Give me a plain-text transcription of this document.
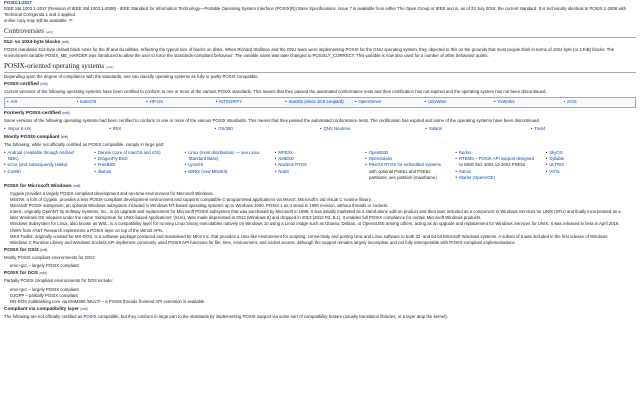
POSIX.1-2017
IEEE Std 1003.1-2017 (Revision of IEEE Std 1003.1-2008) - IEEE Standard for Information Technology—Portable Operating System Interface (POSIX(R)) Base Specifications, Issue 7 is available from either The Open Group or IEEE and is, as of 22 July 2018, the current standard. It is technically identical to POSIX.1-2008 with Technical Corrigenda 1 and 2 applied.
online copy may still be available. [8]

Controversies [edit]
512- vs 1024-byte blocks [edit]

POSIX mandates 512-byte default block sizes for the df and du utilities, reflecting the typical size of blocks on disks. When Richard Stallman and the GNU team were implementing POSIX for the GNU operating system, they objected to this on the grounds that most people think in terms of 1024 byte (or 1 KiB) blocks. The environment variable POSIX_ME_HARDER was introduced to allow the user to force the standards-compliant behaviour. The variable name was later changed to POSIXLY_CORRECT. This variable is now also used for a number of other behaviour quirks.

POSIX-oriented operating systems [edit]

Depending upon the degree of compliance with the standards, one can classify operating systems as fully or partly POSIX compatible.

POSIX-certified [edit]

Current versions of the following operating systems have been certified to conform to one or more of the various POSIX standards. This means that they passed the automated conformance tests and their certification has not expired and the operating system has not been discontinued.

• AIX	• EulerOS	• HP-UX	• INTEGRITY	• macOS (since 10.5 Leopard)	• OpenServer	• UnixWare	• VxWorks	• z/OS
Formerly POSIX-certified [edit]

Some versions of the following operating systems had been certified to conform to one or more of the various POSIX standards. This means that they passed the automated conformance tests. The certification has expired and some of the operating systems have been discontinued.

• Inspur K-UX	• IRIX	• OS/390	• QNX Neutrino	• Solaris	• Tru64
Mostly POSIX-compliant [edit]

The following, while not officially certified as POSIX compatible, comply in large part:

• Android (Available through Android
NDK)
• eCos (and subsequently Haiku)
• Contiki
• Darwin (core of macOS and iOS)
• DragonFly BSD
• FreeBSD
• illumos
• Linux (most distributions — see Linux
Standard Base)
• LynxOS
• MINIX (now MINIX3)
• MPE/iX
• NetBSD
• Nucleus RTOS
• NuttX
• OpenBSD
• OpenSolaris
• PikeOS RTOS for embedded systems
with optional PSE51 and PSE52
partitions; see partition (mainframe)
• Redox
• RTEMS – POSIX API support designed
to IEEE Std. 1003.13-2003 PSE52
• Sanos
• Starlet (OpenVOS)
• SkyOS
• Syllable
• ULTRIX
• VSTa
POSIX for Microsoft Windows [edit]
• Cygwin provides a largely POSIX-compliant development and run-time environment for Microsoft Windows.
• MinGW, a fork of Cygwin, provides a less POSIX-compliant development environment and supports compatible C-programmed applications via Msvcrt, Microsoft's old Visual C runtime library.
• Microsoft POSIX subsystem, an optional Windows subsystem included in Windows NT-based operating systems up to Windows 2000. POSIX.1 as it stood in 1990 revision, without threads or sockets.
• Interix, originally OpenNT by Softway Systems, Inc., is an upgrade and replacement for Microsoft POSIX subsystem that was purchased by Microsoft in 1999. It was initially marketed as a stand-alone add-on product and then later included as a component in Windows Services for UNIX (SFU) and finally incorporated as a
later Windows OS releases under the name 'Subsystem for UNIX-based Applications' (SUA). Was made deprecated in 2012 (Windows 8) and dropped in 2013 (2012 R2, 8.1). It enables full POSIX compliance for certain Microsoft Windows products.
• Windows Subsystem for Linux, also known as WSL, is a compatibility layer for running Linux binary executables natively on Windows 10 using a Linux image such as Ubuntu, Debian, or OpenSUSE among others, acting as an upgrade and replacement for Windows Services for UNIX. It was released in beta in April 2016.
• UWIN from AT&T Research implements a POSIX layer on top of the Win32 APIs.
• MKS Toolkit, originally created for MS-DOS, is a software package produced and maintained by MKS Inc. that provides a Unix-like environment for scripting, connectivity and porting Unix and Linux software to both 32- and 64-bit Microsoft Windows systems. A subset of it was included in the first release of Windows
• Windows C Runtime Library and Windows Sockets API implement commonly used POSIX API functions for file, time, environment, and socket access, although the support remains largely incomplete and not fully interoperable with POSIX-compliant implementations.
POSIX for OS/2 [edit]

Mostly POSIX compliant environments for OS/2:

• emx+gcc – largely POSIX compliant
POSIX for DOS [edit]

Partially POSIX compliant environments for DOS include:

• emx+gcc – largely POSIX compliant
• DJGPP – partially POSIX compliant
• DR-DOS multitasking core via EMM386 /MULTI – a POSIX threads frontend API extension is available
Compliant via compatibility layer [edit]

The following are not officially certified as POSIX compatible, but they conform in large part to the standards by implementing POSIX support via some sort of compatibility feature (usually translation libraries, or a layer atop the kernel).
